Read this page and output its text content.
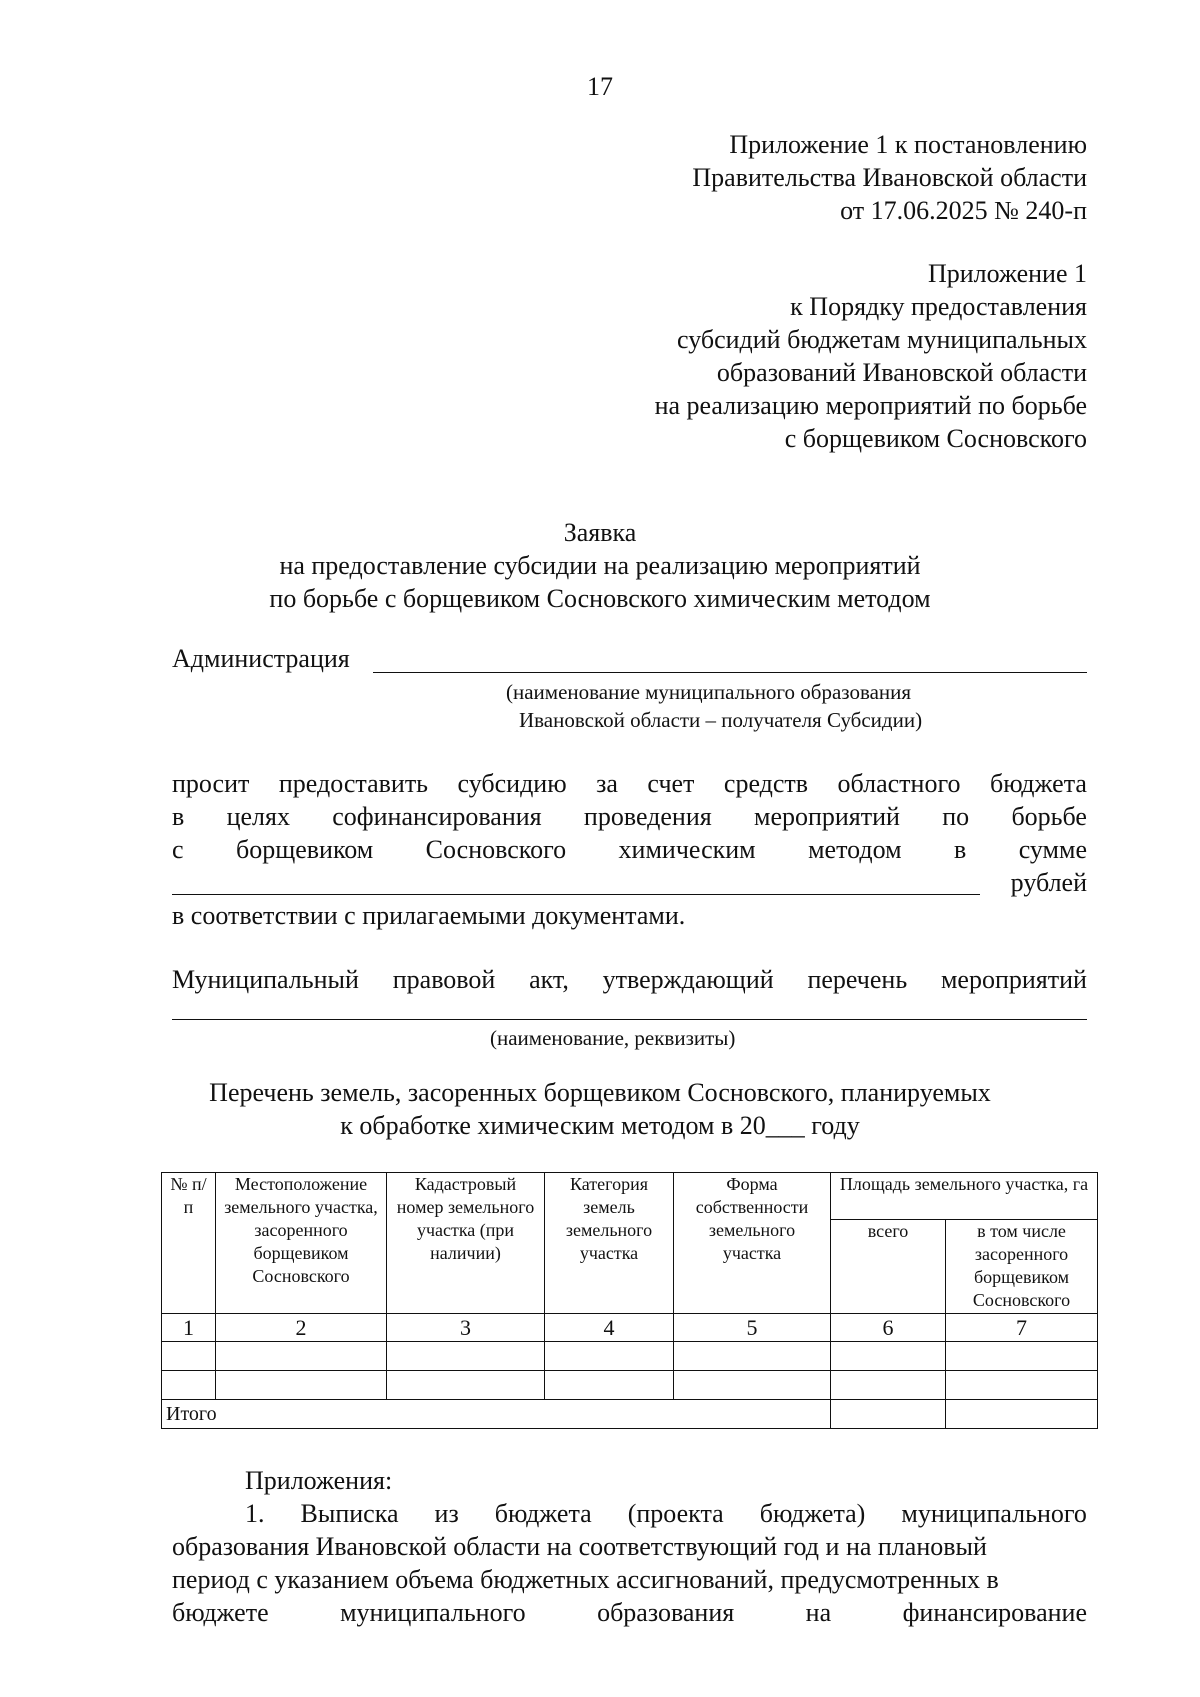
17
Приложение 1 к постановлению
Правительства Ивановской области
от 17.06.2025 № 240-п
Приложение 1
к Порядку предоставления
субсидий бюджетам муниципальных
образований Ивановской области
на реализацию мероприятий по борьбе
с борщевиком Сосновского
Заявка
на предоставление субсидии на реализацию мероприятий
по борьбе с борщевиком Сосновского химическим методом
Администрация
(наименование муниципального образования
Ивановской области – получателя Субсидии)
просит предоставить субсидию за счет средств областного бюджета
в целях софинансирования проведения мероприятий по борьбе
с борщевиком Сосновского химическим методом в сумме
рублей
в соответствии с прилагаемыми документами.
Муниципальный правовой акт, утверждающий перечень мероприятий
(наименование, реквизиты)
Перечень земель, засоренных борщевиком Сосновского, планируемых
к обработке химическим методом в 20___ году
№ п/п	Местоположение земельного участка, засоренного борщевиком Сосновского	Кадастровый номер земельного участка (при наличии)	Категория земель земельного участка	Форма собственности земельного участка	Площадь земельного участка, га	
					всего	в том числе засоренного борщевиком Сосновского
1	2	3	4	5	6	7

Итого						
Приложения:
1. Выписка из бюджета (проекта бюджета) муниципального
образования Ивановской области на соответствующий год и на плановый
период с указанием объема бюджетных ассигнований, предусмотренных в
бюджете	муниципального	образования	на	финансирование
